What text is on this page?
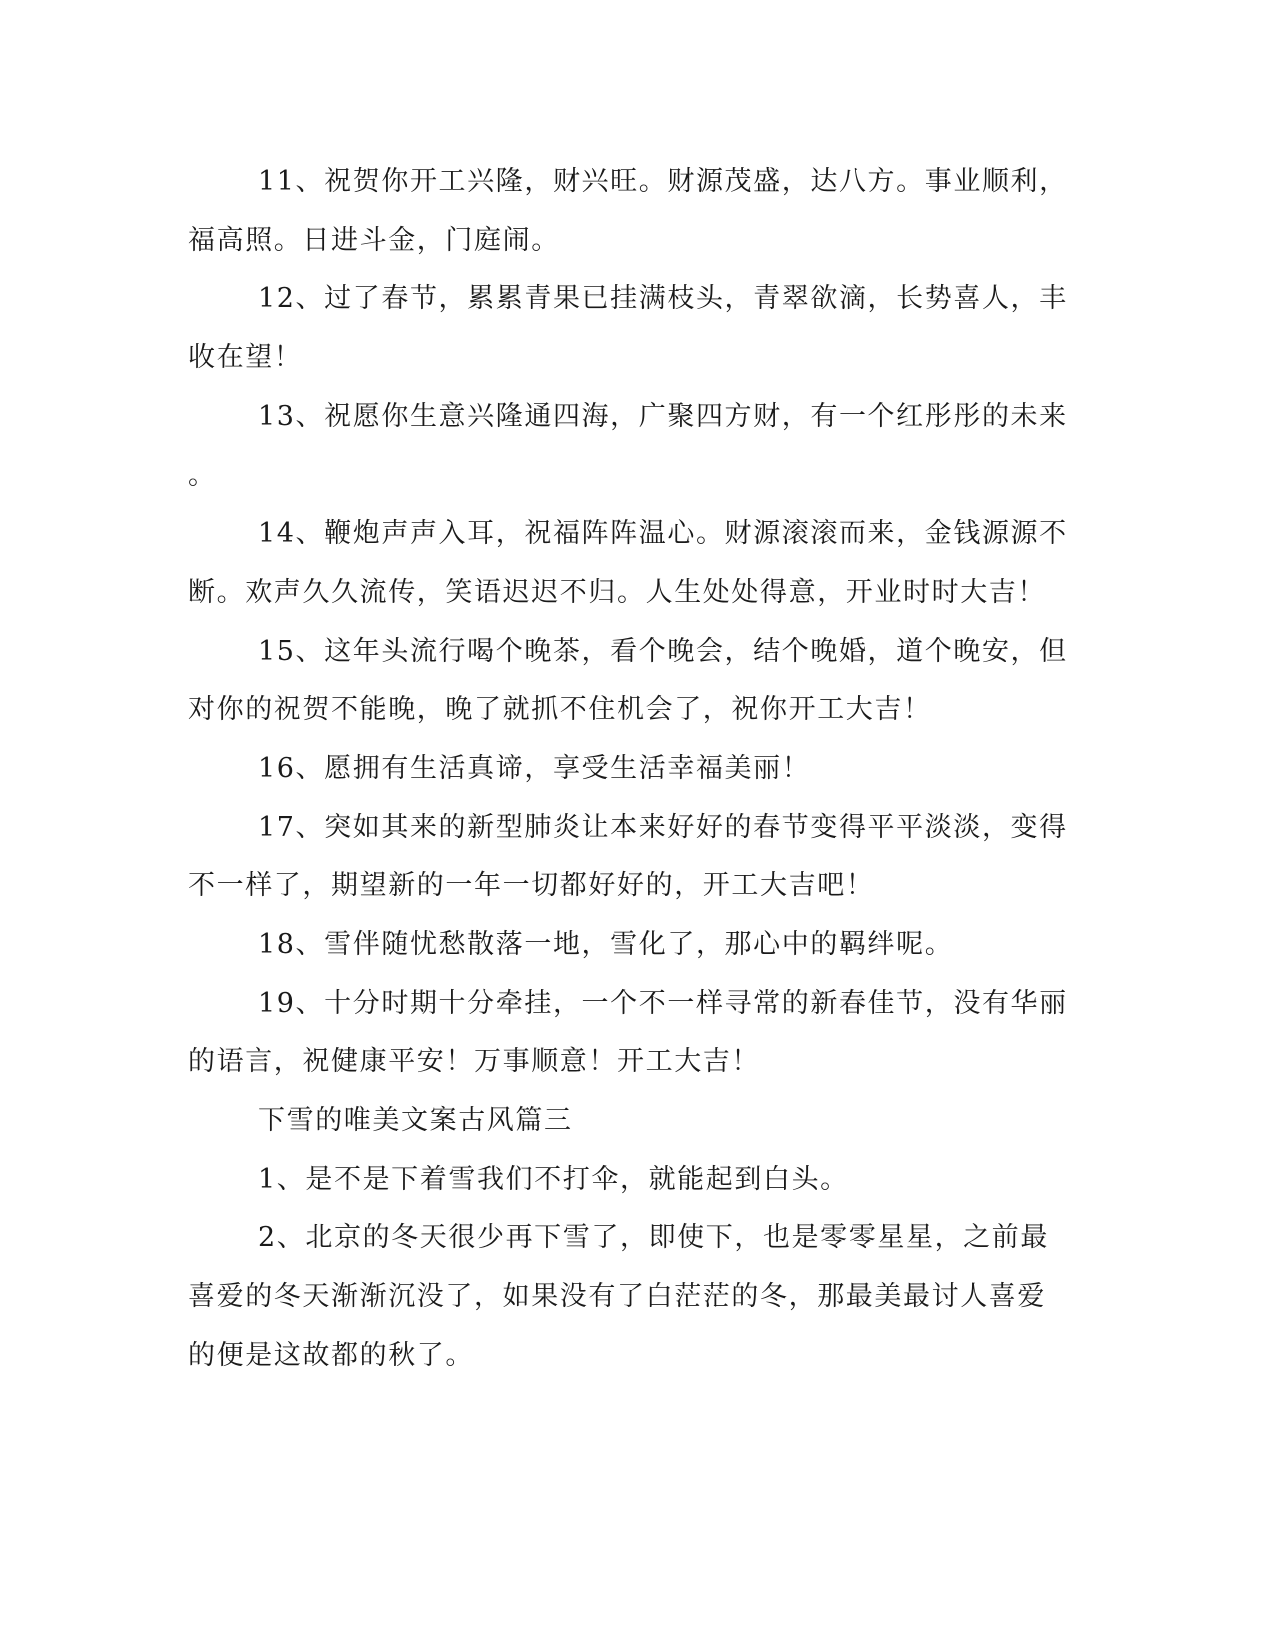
11、祝贺你开工兴隆，财兴旺。财源茂盛，达八方。事业顺利，

福高照。日进斗金，门庭闹。

12、过了春节，累累青果已挂满枝头，青翠欲滴，长势喜人，丰

收在望！

13、祝愿你生意兴隆通四海，广聚四方财，有一个红彤彤的未来

。

14、鞭炮声声入耳，祝福阵阵温心。财源滚滚而来，金钱源源不

断。欢声久久流传，笑语迟迟不归。人生处处得意，开业时时大吉！

15、这年头流行喝个晚茶，看个晚会，结个晚婚，道个晚安，但

对你的祝贺不能晚，晚了就抓不住机会了，祝你开工大吉！

16、愿拥有生活真谛，享受生活幸福美丽！

17、突如其来的新型肺炎让本来好好的春节变得平平淡淡，变得

不一样了，期望新的一年一切都好好的，开工大吉吧！

18、雪伴随忧愁散落一地，雪化了，那心中的羁绊呢。

19、十分时期十分牵挂，一个不一样寻常的新春佳节，没有华丽

的语言，祝健康平安！万事顺意！开工大吉！

下雪的唯美文案古风篇三

1、是不是下着雪我们不打伞，就能起到白头。

2、北京的冬天很少再下雪了，即使下，也是零零星星，之前最

喜爱的冬天渐渐沉没了，如果没有了白茫茫的冬，那最美最讨人喜爱

的便是这故都的秋了。
